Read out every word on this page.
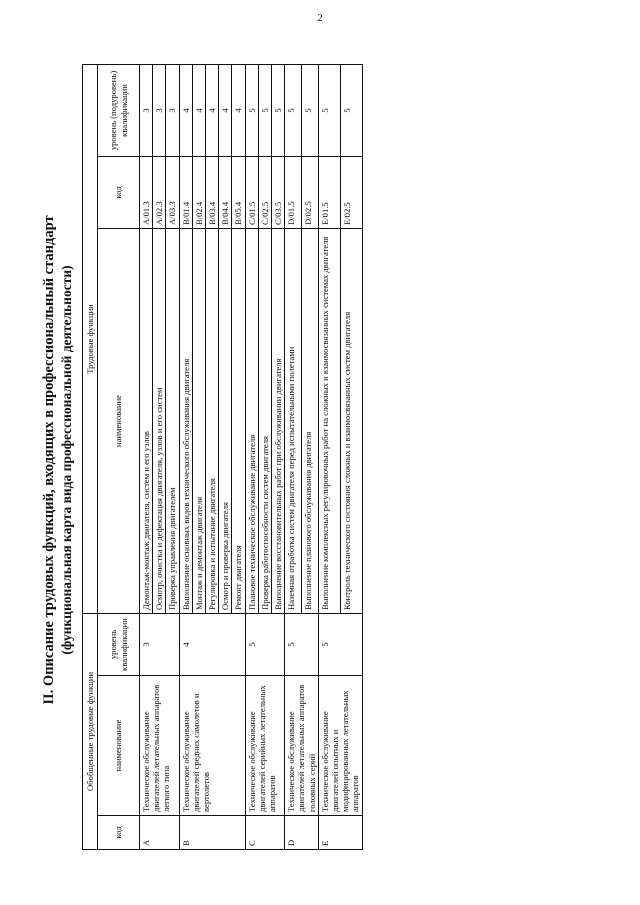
2
II. Описание трудовых функций, входящих в профессиональный стандарт (функциональная карта вида профессиональной деятельности)
Обобщенные трудовые функции			Трудовые функции		
код	наименование	уровень квалификации	наименование	код	уровень (подуровень) квалификации
A	Техническое обслуживание двигателей летательных аппаратов легкого типа	3	Демонтаж-монтаж двигателя, систем и его узлов	A/01.3	3
			Осмотр, очистка и дефектация двигателя, узлов и его систем	A/02.3	3
			Проверка управления двигателем	A/03.3	3
B	Техническое обслуживание двигателей средних самолетов и вертолетов	4	Выполнение основных видов технического обслуживания двигателя	B/01.4	4
			Монтаж и демонтаж двигателя	B/02.4	4
			Регулировка и испытание двигателя	B/03.4	4
			Осмотр и проверка двигателя	B/04.4	4
			Ремонт двигателя	B/05.4	4
C	Техническое обслуживание двигателей серийных летательных аппаратов	5	Плановое техническое обслуживание двигателя	C/01.5	5
			Проверка работоспособности систем двигателя	C/02.5	5
			Выполнение восстановительных работ при обслуживании двигателя	C/03.5	5
D	Техническое обслуживание двигателей летательных аппаратов головных серий	5	Наземная отработка систем двигателя перед испытательными полетами	D/01.5	5
			Выполнение планового обслуживания двигателя	D/02.5	5
E	Техническое обслуживание двигателей опытных и модифицированных летательных аппаратов	5	Выполнение комплексных регулировочных работ на сложных и взаимосвязанных системах двигателя	E/01.5	5
			Контроль технического состояния сложных и взаимосвязанных систем двигателя	E/02.5	5
